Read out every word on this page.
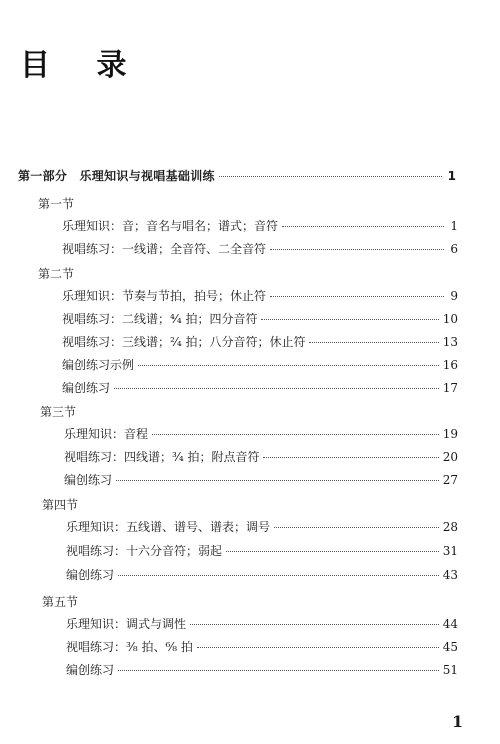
目 录
第一部分　乐理知识与视唱基础训练	1
第一节
乐理知识：音；音名与唱名；谱式；音符	1
视唱练习：一线谱；全音符、二全音符	6
第二节
乐理知识：节奏与节拍，拍号；休止符	9
视唱练习：二线谱；⁴⁄₄ 拍；四分音符	10
视唱练习：三线谱；²⁄₄ 拍；八分音符；休止符	13
编创练习示例	16
编创练习	17
第三节
乐理知识：音程	19
视唱练习：四线谱；³⁄₄ 拍；附点音符	20
编创练习	27
第四节
乐理知识：五线谱、谱号、谱表；调号	28
视唱练习：十六分音符；弱起	31
编创练习	43
第五节
乐理知识：调式与调性	44
视唱练习：³⁄₈ 拍、⁶⁄₈ 拍	45
编创练习	51
1
